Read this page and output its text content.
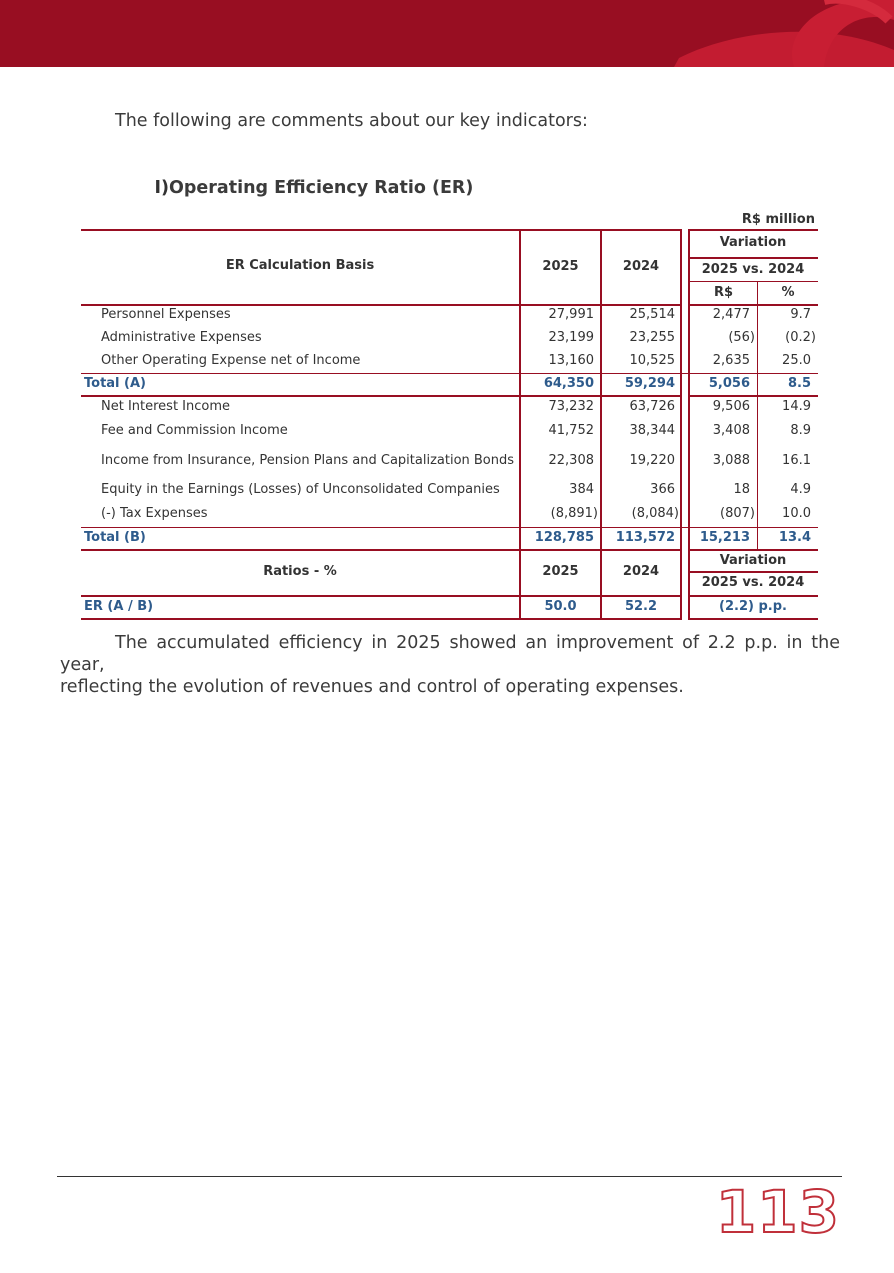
The following are comments about our key indicators:
I)Operating Efficiency Ratio (ER)
R$ million
ER Calculation Basis	2025	2024
Variation
2025 vs. 2024
R$	%
Personnel Expenses	27,991	25,514	2,477	9.7
Administrative Expenses	23,199	23,255	(56)	(0.2)
Other Operating Expense net of Income	13,160	10,525	2,635	25.0
Total (A)	64,350	59,294	5,056	8.5
Net Interest Income	73,232	63,726	9,506	14.9
Fee and Commission Income	41,752	38,344	3,408	8.9
Income from Insurance, Pension Plans and Capitalization Bonds	22,308	19,220	3,088	16.1
Equity in the Earnings (Losses) of Unconsolidated Companies	384	366	18	4.9
(-) Tax Expenses	(8,891)	(8,084)	(807)	10.0
Total (B)	128,785	113,572	15,213	13.4
Ratios - %	2025	2024
Variation
2025 vs. 2024
ER (A / B)	50.0	52.2	(2.2) p.p.
The accumulated efficiency in 2025 showed an improvement of 2.2 p.p. in the year,
reflecting the evolution of revenues and control of operating expenses.
113
